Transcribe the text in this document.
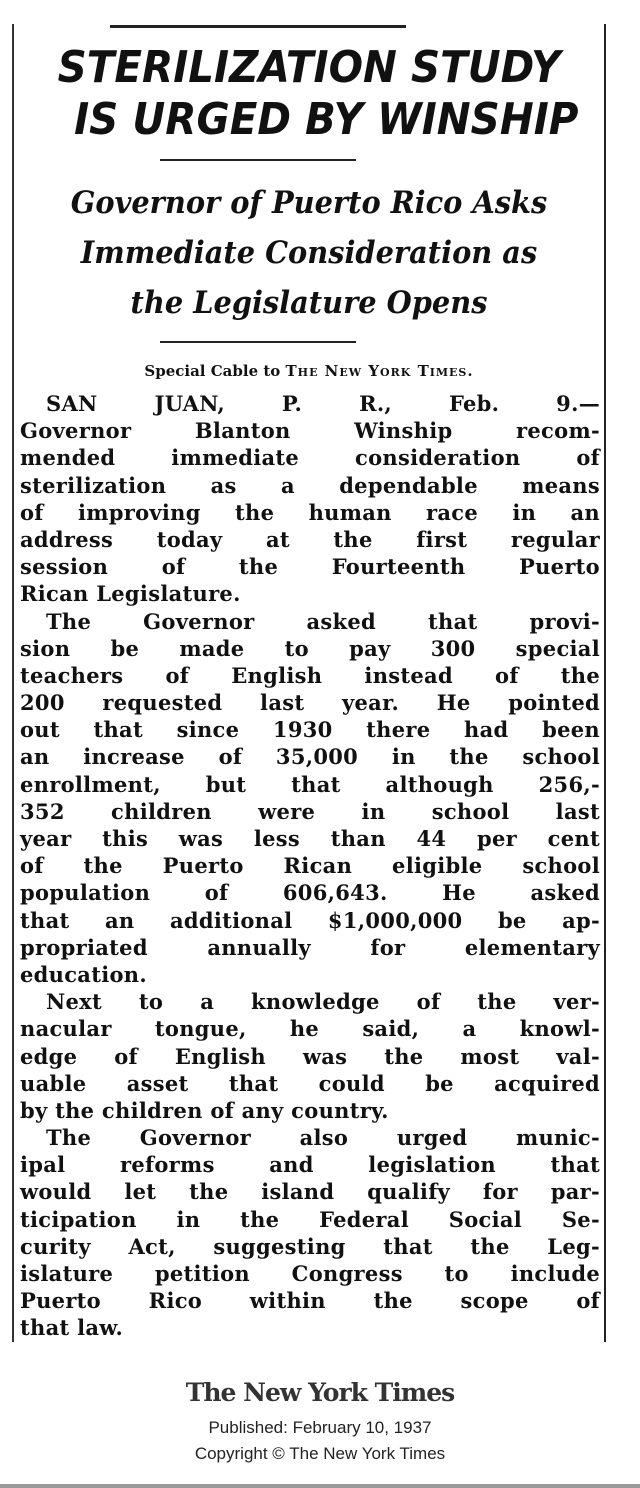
STERILIZATION STUDY
IS URGED BY WINSHIP
Governor of Puerto Rico Asks
Immediate Consideration as
the Legislature Opens
Special Cable to The New York Times.
SAN JUAN, P. R., Feb. 9.—
Governor Blanton Winship recom-
mended immediate consideration of
sterilization as a dependable means
of improving the human race in an
address today at the first regular
session of the Fourteenth Puerto
Rican Legislature.
The Governor asked that provi-
sion be made to pay 300 special
teachers of English instead of the
200 requested last year. He pointed
out that since 1930 there had been
an increase of 35,000 in the school
enrollment, but that although 256,-
352 children were in school last
year this was less than 44 per cent
of the Puerto Rican eligible school
population of 606,643. He asked
that an additional $1,000,000 be ap-
propriated annually for elementary
education.
Next to a knowledge of the ver-
nacular tongue, he said, a knowl-
edge of English was the most val-
uable asset that could be acquired
by the children of any country.
The Governor also urged munic-
ipal reforms and legislation that
would let the island qualify for par-
ticipation in the Federal Social Se-
curity Act, suggesting that the Leg-
islature petition Congress to include
Puerto Rico within the scope of
that law.
The New York Times
Published: February 10, 1937
Copyright © The New York Times
